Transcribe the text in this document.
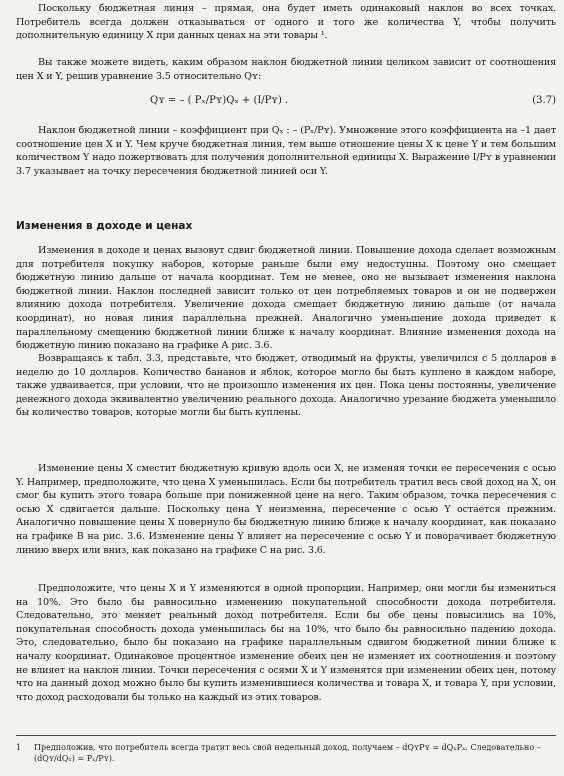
Поскольку бюджетная линия – прямая, она будет иметь одинаковый наклон во всех точках. Потребитель всегда должен отказываться от одного и того же количества Y, чтобы получить дополнительную единицу X при данных ценах на эти товары ¹.

Вы также можете видеть, каким образом наклон бюджетной линии целиком зависит от соотношения цен X и Y, решив уравнение 3.5 относительно Qʏ:

Qʏ = – ( Pₓ/Pʏ)Qₓ + (I/Pʏ) .	(3.7)

Наклон бюджетной линии – коэффициент при Qₓ : – (Pₓ/Pʏ). Умножение этого коэффициента на –1 дает соотношение цен X и Y. Чем круче бюджетная линия, тем выше отношение цены X к цене Y и тем большим количеством Y надо пожертвовать для получения дополнительной единицы X. Выражение I/Pʏ в уравнении 3.7 указывает на точку пересечения бюджетной линией оси Y.

Изменения в доходе и ценах

Изменения в доходе и ценах вызовут сдвиг бюджетной линии. Повышение дохода сделает возможным для потребителя покупку наборов, которые раньше были ему недоступны. Поэтому оно смещает бюджетную линию дальше от начала координат. Тем не менее, оно не вызывает изменения наклона бюджетной линии. Наклон последней зависит только от цен потребляемых товаров и он не подвержен влиянию дохода потребителя. Увеличение дохода смещает бюджетную линию дальше (от начала координат), но новая линия параллельна прежней. Аналогично уменьшение дохода приведет к параллельному смещению бюджетной линии ближе к началу координат. Влияние изменения дохода на бюджетную линию показано на графике А рис. 3.6.

Возвращаясь к табл. 3.3, представьте, что бюджет, отводимый на фрукты, увеличился с 5 долларов в неделю до 10 долларов. Количество бананов и яблок, которое могло бы быть куплено в каждом наборе, также удваивается, при условии, что не произошло изменения их цен. Пока цены постоянны, увеличение денежного дохода эквивалентно увеличению реального дохода. Аналогично урезание бюджета уменьшило бы количество товаров, которые могли бы быть куплены.

Изменение цены X сместит бюджетную кривую вдоль оси X, не изменяя точки ее пересечения с осью Y. Например, предположите, что цена X уменьшилась. Если бы потребитель тратил весь свой доход на X, он смог бы купить этого товара больше при пониженной цене на него. Таким образом, точка пересечения с осью X сдвигается дальше. Поскольку цена Y неизменна, пересечение с осью Y остается прежним. Аналогично повышение цены X повернуло бы бюджетную линию ближе к началу координат, как показано на графике В на рис. 3.6. Изменение цены Y влияет на пересечение с осью Y и поворачивает бюджетную линию вверх или вниз, как показано на графике С на рис. 3.6.

Предположите, что цены X и Y изменяются в одной пропорции. Например, они могли бы измениться на 10%. Это было бы равносильно изменению покупательной способности дохода потребителя. Следовательно, это меняет реальный доход потребителя. Если бы обе цены повысились на 10%, покупательная способность дохода уменьшилась бы на 10%, что было бы равносильно падению дохода. Это, следовательно, было бы показано на графике параллельным сдвигом бюджетной линии ближе к началу координат. Одинаковое процентное изменение обеих цен не изменяет их соотношения и поэтому не влияет на наклон линии. Точки пересечения с осями X и Y изменятся при изменении обеих цен, потому что на данный доход можно было бы купить изменившиеся количества и товара X, и товара Y, при условии, что доход расходовали бы только на каждый из этих товаров.

1 Предположив, что потребитель всегда тратит весь свой недельный доход, получаем – dQʏPʏ = dQₓPₓ. Следовательно – (dQʏ/dQₓ) = Pₓ/Pʏ).
